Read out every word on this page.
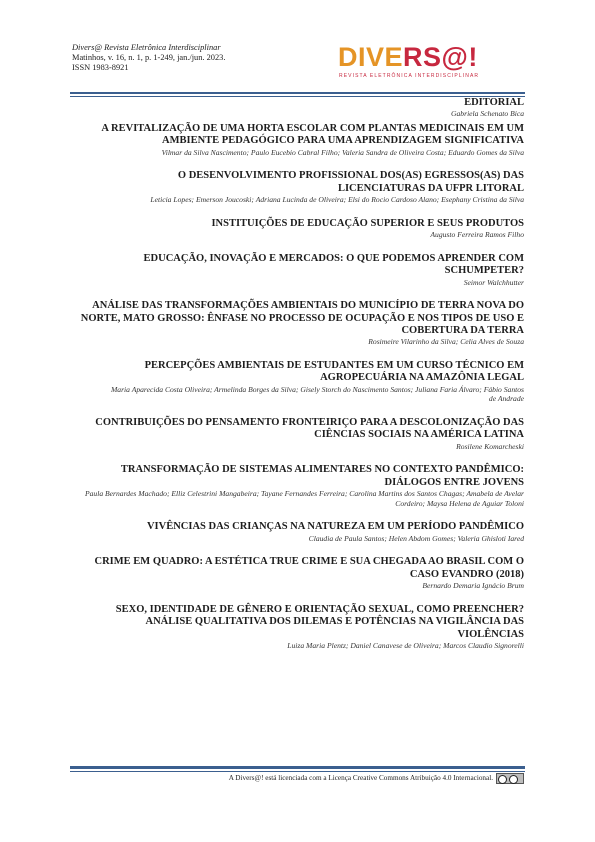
Divers@ Revista Eletrônica Interdisciplinar
Matinhos, v. 16, n. 1, p. 1-249, jan./jun. 2023.
ISSN 1983-8921	DIVERS@!
REVISTA ELETRÔNICA INTERDISCIPLINAR
EDITORIAL
Gabriela Schenato Bica
A REVITALIZAÇÃO DE UMA HORTA ESCOLAR COM PLANTAS MEDICINAIS EM UM AMBIENTE PEDAGÓGICO PARA UMA APRENDIZAGEM SIGNIFICATIVA
Vilmar da Silva Nascimento; Paulo Eucebio Cabral Filho; Valeria Sandra de Oliveira Costa; Eduardo Gomes da Silva
O DESENVOLVIMENTO PROFISSIONAL DOS(AS) EGRESSOS(AS) DAS LICENCIATURAS DA UFPR LITORAL
Leticia Lopes; Emerson Joucoski; Adriana Lucinda de Oliveira; Elsi do Rocio Cardoso Alano; Esephany Cristina da Silva
INSTITUIÇÕES DE EDUCAÇÃO SUPERIOR E SEUS PRODUTOS
Augusto Ferreira Ramos Filho
EDUCAÇÃO, INOVAÇÃO E MERCADOS: O QUE PODEMOS APRENDER COM SCHUMPETER?
Seimor Walchhutter
ANÁLISE DAS TRANSFORMAÇÕES AMBIENTAIS DO MUNICÍPIO DE TERRA NOVA DO NORTE, MATO GROSSO: ÊNFASE NO PROCESSO DE OCUPAÇÃO E NOS TIPOS DE USO E COBERTURA DA TERRA
Rosimeire Vilarinho da Silva; Celia Alves de Souza
PERCEPÇÕES AMBIENTAIS DE ESTUDANTES EM UM CURSO TÉCNICO EM AGROPECUÁRIA NA AMAZÔNIA LEGAL
Maria Aparecida Costa Oliveira; Armelinda Borges da Silva; Gisely Storch do Nascimento Santos; Juliana Faria Álvaro; Fábio Santos de Andrade
CONTRIBUIÇÕES DO PENSAMENTO FRONTEIRIÇO PARA A DESCOLONIZAÇÃO DAS CIÊNCIAS SOCIAIS NA AMÉRICA LATINA
Rosilene Komarcheski
TRANSFORMAÇÃO DE SISTEMAS ALIMENTARES NO CONTEXTO PANDÊMICO: DIÁLOGOS ENTRE JOVENS
Paula Bernardes Machado; Elliz Celestrini Mangabeira; Tayane Fernandes Ferreira; Carolina Martins dos Santos Chagas; Amabela de Avelar Cordeiro; Maysa Helena de Aguiar Toloni
VIVÊNCIAS DAS CRIANÇAS NA NATUREZA EM UM PERÍODO PANDÊMICO
Claudia de Paula Santos; Helen Abdom Gomes; Valeria Ghisloti Iared
CRIME EM QUADRO: A ESTÉTICA TRUE CRIME E SUA CHEGADA AO BRASIL COM O CASO EVANDRO (2018)
Bernardo Demaria Ignácio Brum
SEXO, IDENTIDADE DE GÊNERO E ORIENTAÇÃO SEXUAL, COMO PREENCHER? ANÁLISE QUALITATIVA DOS DILEMAS E POTÊNCIAS NA VIGILÂNCIA DAS VIOLÊNCIAS
Luiza Maria Plentz; Daniel Canavese de Oliveira; Marcos Claudio Signorelli
A Divers@! está licenciada com a Licença Creative Commons Atribuição 4.0 Internacional.
